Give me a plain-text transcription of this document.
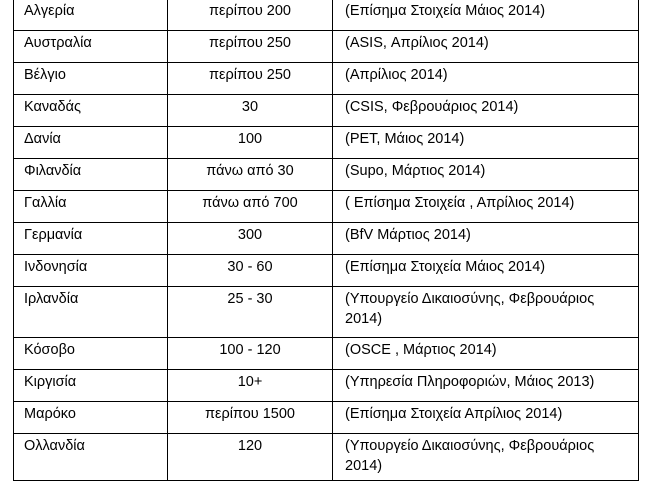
Αλγερία	περίπου 200	(Επίσημα Στοιχεία Μάιος 2014)
Αυστραλία	περίπου 250	(ASIS, Απρίλιος 2014)
Βέλγιο	περίπου 250	(Απρίλιος 2014)
Καναδάς	30	(CSIS, Φεβρουάριος 2014)
Δανία	100	(PET, Μάιος 2014)
Φιλανδία	πάνω από 30	(Supo, Μάρτιος 2014)
Γαλλία	πάνω από 700	( Επίσημα Στοιχεία , Απρίλιος 2014)
Γερμανία	300	(BfV Μάρτιος 2014)
Ινδονησία	30 - 60	(Επίσημα Στοιχεία Μάιος 2014)
Ιρλανδία	25 - 30	(Υπουργείο Δικαιοσύνης, Φεβρουάριος 2014)
Κόσοβο	100 - 120	(OSCE , Μάρτιος 2014)
Κιργισία	10+	(Υπηρεσία Πληροφοριών, Μάιος 2013)
Μαρόκο	περίπου 1500	(Επίσημα Στοιχεία Απρίλιος 2014)
Ολλανδία	120	(Υπουργείο Δικαιοσύνης, Φεβρουάριος 2014)
